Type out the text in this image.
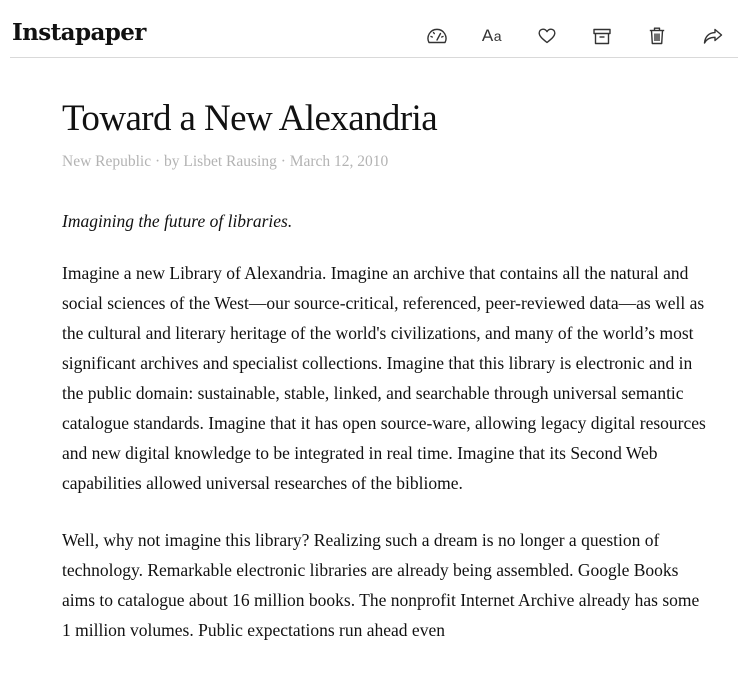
Instapaper	Aa
Toward a New Alexandria
New Republic · by Lisbet Rausing · March 12, 2010
Imagining the future of libraries.

Imagine a new Library of Alexandria. Imagine an archive that contains all the natural and social sciences of the West—our source-critical, referenced, peer-reviewed data—as well as the cultural and literary heritage of the world's civilizations, and many of the world’s most significant archives and specialist collections. Imagine that this library is electronic and in the public domain: sustainable, stable, linked, and searchable through universal semantic catalogue standards. Imagine that it has open source-ware, allowing legacy digital resources and new digital knowledge to be integrated in real time. Imagine that its Second Web capabilities allowed universal researches of the bibliome.

Well, why not imagine this library? Realizing such a dream is no longer a question of technology. Remarkable electronic libraries are already being assembled. Google Books aims to catalogue about 16 million books. The nonprofit Internet Archive already has some 1 million volumes. Public expectations run ahead even
